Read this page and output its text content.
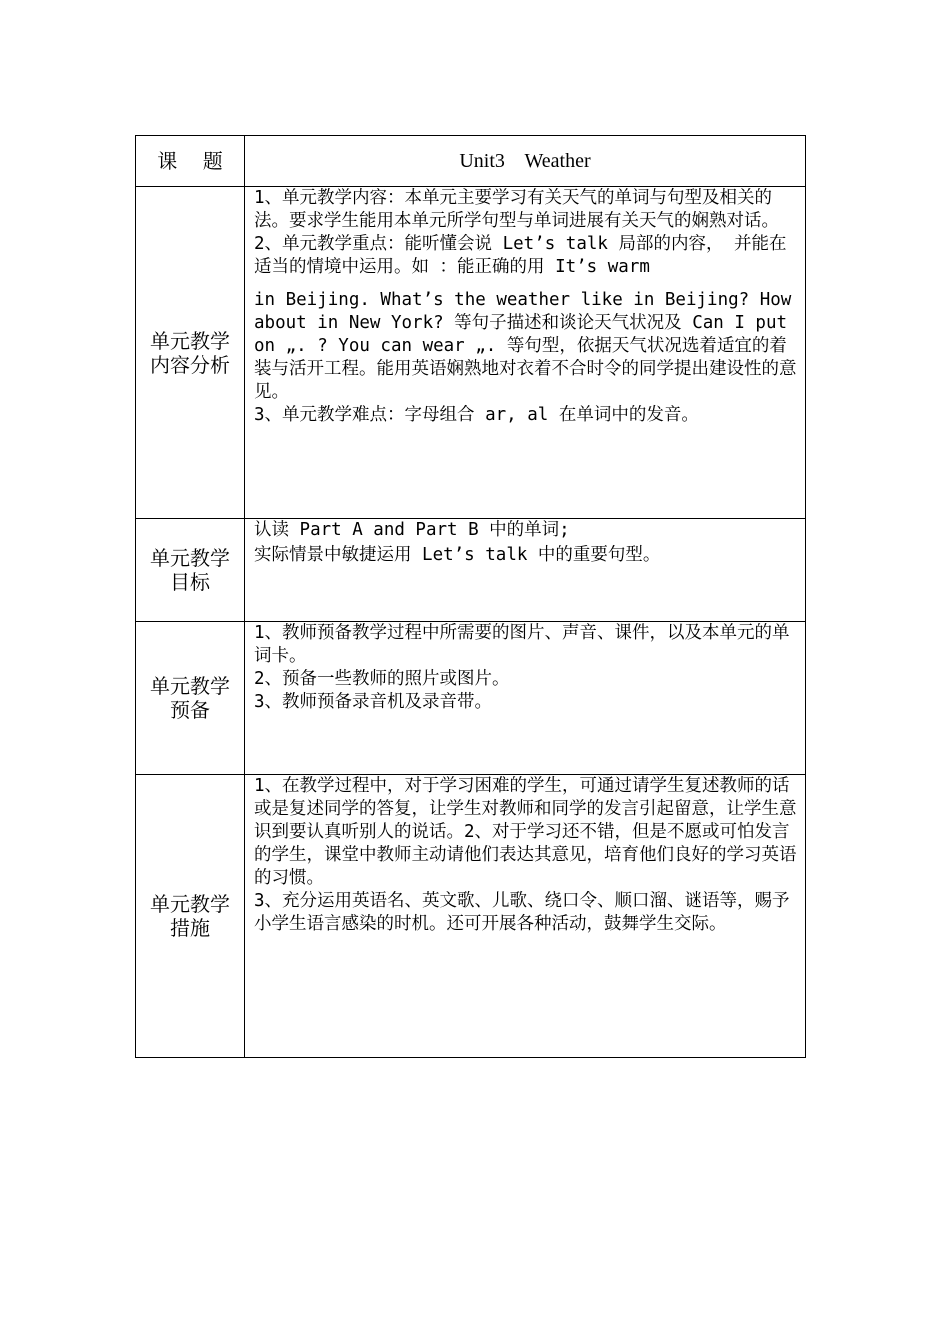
课    题	Unit3    Weather
单元教学内容分析	1、单元教学内容：本单元主要学习有关天气的单词与句型及相关的法。要求学生能用本单元所学句型与单词进展有关天气的娴熟对话。

2、单元教学重点：能听懂会说 Let’s talk 局部的内容， 并能在适当的情境中运用。如 ：能正确的用 It’s warm

in Beijing. What’s the weather like in Beijing? How about in New York? 等句子描述和谈论天气状况及 Can I put on „. ? You can wear „. 等句型，依据天气状况选着适宜的着装与活开工程。能用英语娴熟地对衣着不合时令的同学提出建设性的意见。

3、单元教学难点：字母组合 ar, al 在单词中的发音。

单元教学目标	认读 Part A and Part B 中的单词;

实际情景中敏捷运用 Let’s talk 中的重要句型。

单元教学预备	1、教师预备教学过程中所需要的图片、声音、课件，以及本单元的单词卡。

2、预备一些教师的照片或图片。

3、教师预备录音机及录音带。

单元教学措施	1、在教学过程中，对于学习困难的学生，可通过请学生复述教师的话或是复述同学的答复，让学生对教师和同学的发言引起留意，让学生意识到要认真听别人的说话。2、对于学习还不错，但是不愿或可怕发言的学生，课堂中教师主动请他们表达其意见，培育他们良好的学习英语的习惯。

3、充分运用英语名、英文歌、儿歌、绕口令、顺口溜、谜语等，赐予小学生语言感染的时机。还可开展各种活动，鼓舞学生交际。
